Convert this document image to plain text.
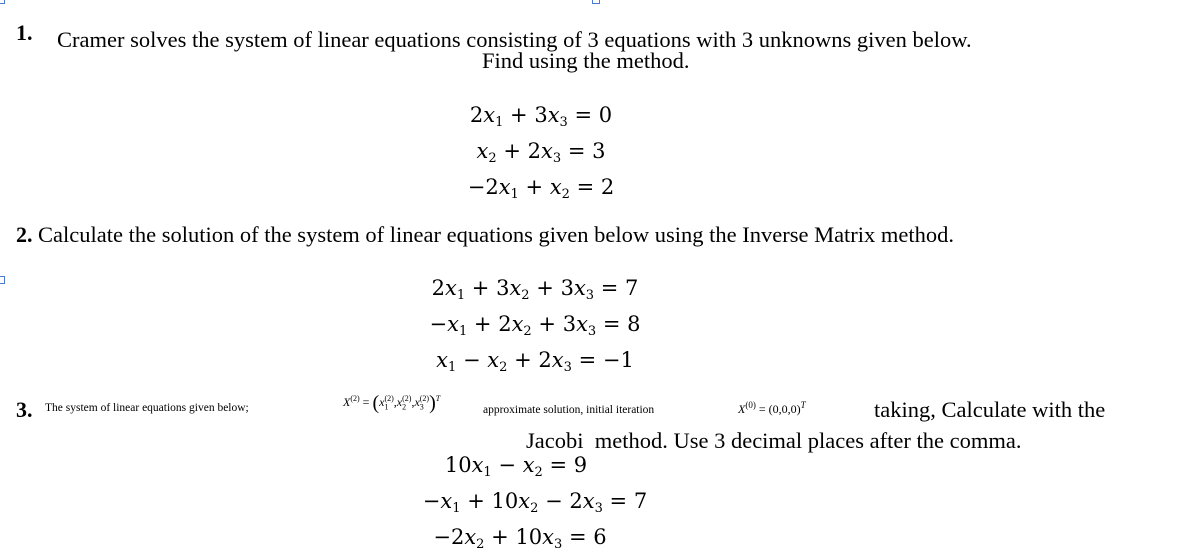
1. Cramer solves the system of linear equations consisting of 3 equations with 3 unknowns given below.
Find using the method.
$2x_1 + 3x_3 = 0$
$x_2 + 2x_3 = 3$
$-2x_1 + x_2 = 2$
2. Calculate the solution of the system of linear equations given below using the Inverse Matrix method.
$2x_1 + 3x_2 + 3x_3 = 7$
$-x_1 + 2x_2 + 3x_3 = 8$
$x_1 - x_2 + 2x_3 = -1$
3. The system of linear equations given below;	$X^{(2)} = (x_1^{(2)},x_2^{(2)},x_3^{(2)})^T$
approximate solution, initial iteration	$X^{(0)} = (0,0,0)^T$	taking, Calculate with the
Jacobi  method. Use 3 decimal places after the comma.
$10x_1 - x_2 = 9$
$-x_1 + 10x_2 - 2x_3 = 7$
$-2x_2 + 10x_3 = 6$
